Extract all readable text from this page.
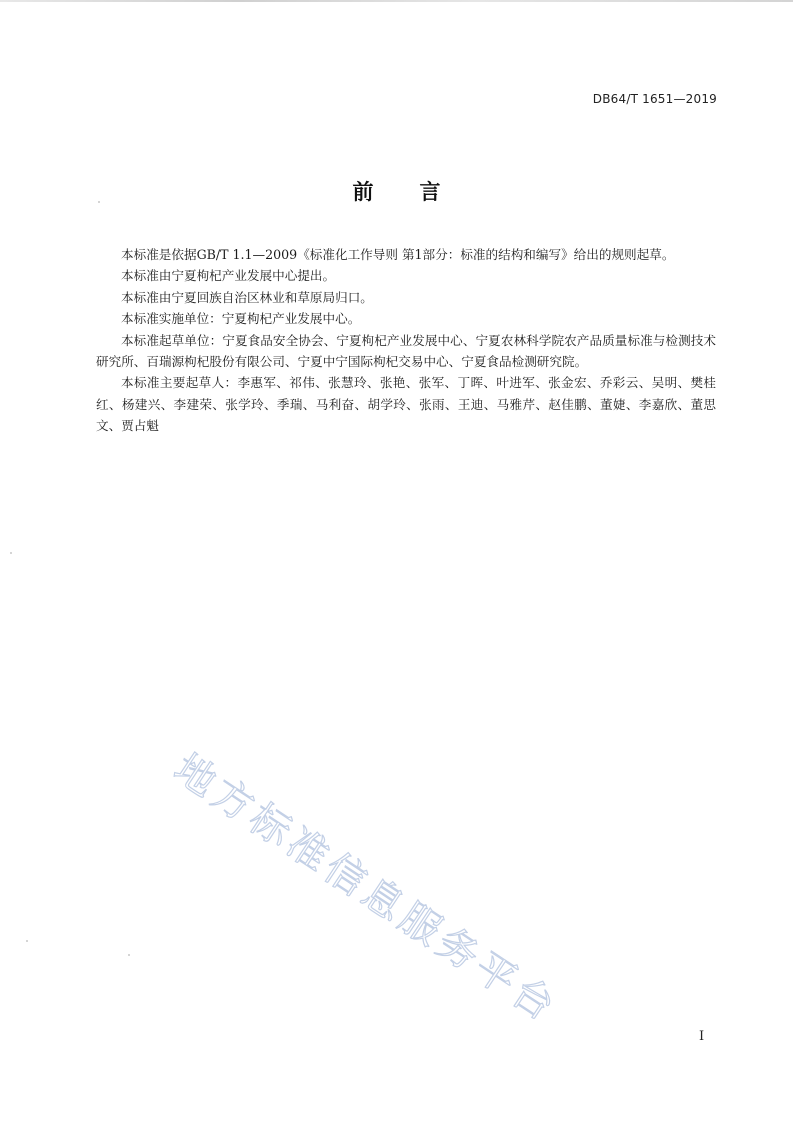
DB64/T 1651—2019
前言

本标准是依据GB/T 1.1—2009《标准化工作导则 第1部分：标准的结构和编写》给出的规则起草。

本标准由宁夏枸杞产业发展中心提出。

本标准由宁夏回族自治区林业和草原局归口。

本标准实施单位：宁夏枸杞产业发展中心。

本标准起草单位：宁夏食品安全协会、宁夏枸杞产业发展中心、宁夏农林科学院农产品质量标准与检测技术研究所、百瑞源枸杞股份有限公司、宁夏中宁国际枸杞交易中心、宁夏食品检测研究院。

本标准主要起草人：李惠军、祁伟、张慧玲、张艳、张军、丁晖、叶进军、张金宏、乔彩云、吴明、樊桂红、杨建兴、李建荣、张学玲、季瑞、马利奋、胡学玲、张雨、王迪、马雅芹、赵佳鹏、董婕、李嘉欣、董思文、贾占魁

地方标准信息服务平台
I
